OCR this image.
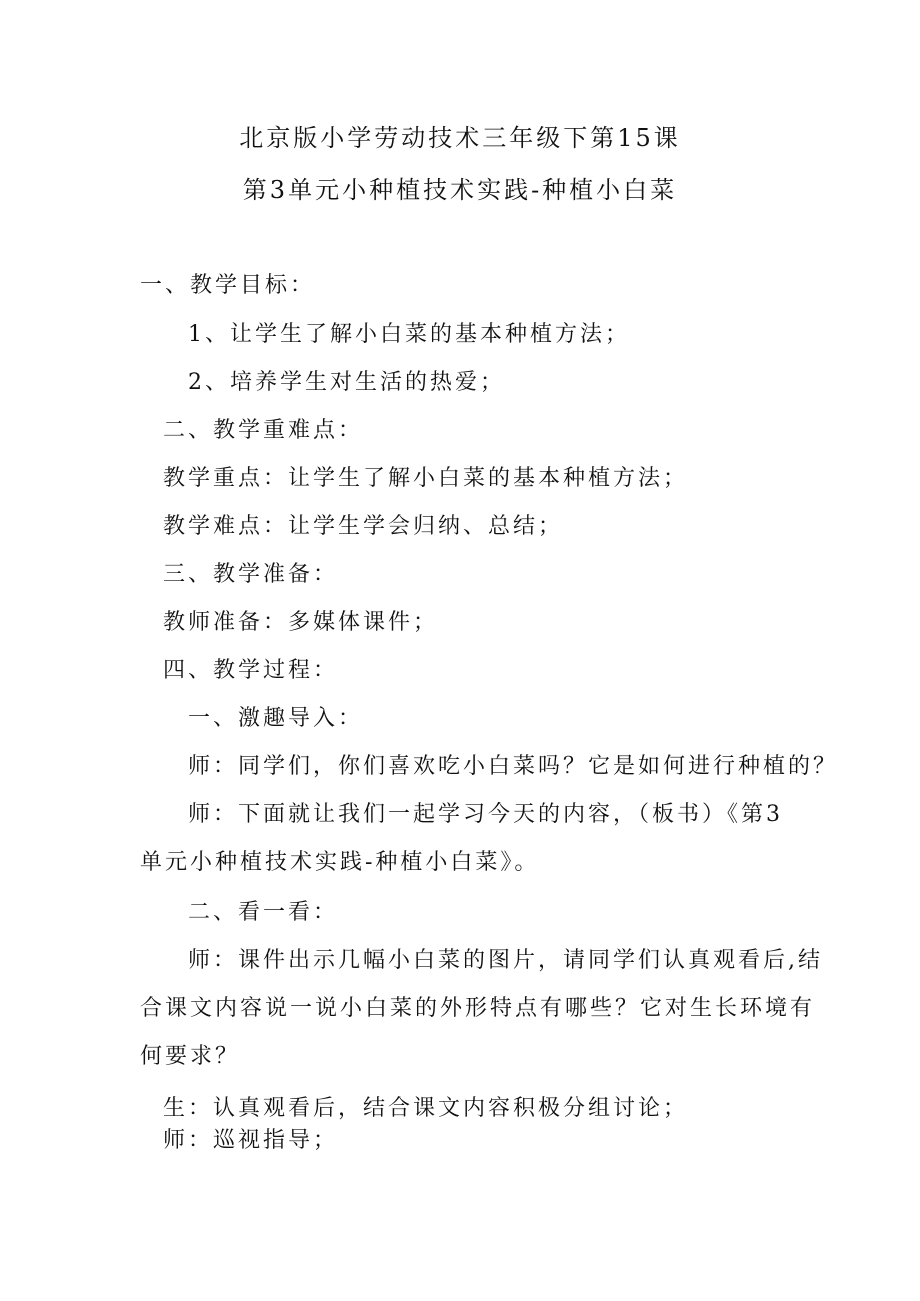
北京版小学劳动技术三年级下第15课
第3单元小种植技术实践-种植小白菜
一、教学目标：
1、让学生了解小白菜的基本种植方法；
2、培养学生对生活的热爱；
二、教学重难点：
教学重点：让学生了解小白菜的基本种植方法；
教学难点：让学生学会归纳、总结；
三、教学准备：
教师准备：多媒体课件；
四、教学过程：
一、激趣导入：
师：同学们，你们喜欢吃小白菜吗？它是如何进行种植的？
师：下面就让我们一起学习今天的内容，（板书）《第3
单元小种植技术实践-种植小白菜》。
二、看一看：
师：课件出示几幅小白菜的图片，请同学们认真观看后,结
合课文内容说一说小白菜的外形特点有哪些？它对生长环境有
何要求？
生：认真观看后，结合课文内容积极分组讨论；
师：巡视指导；
